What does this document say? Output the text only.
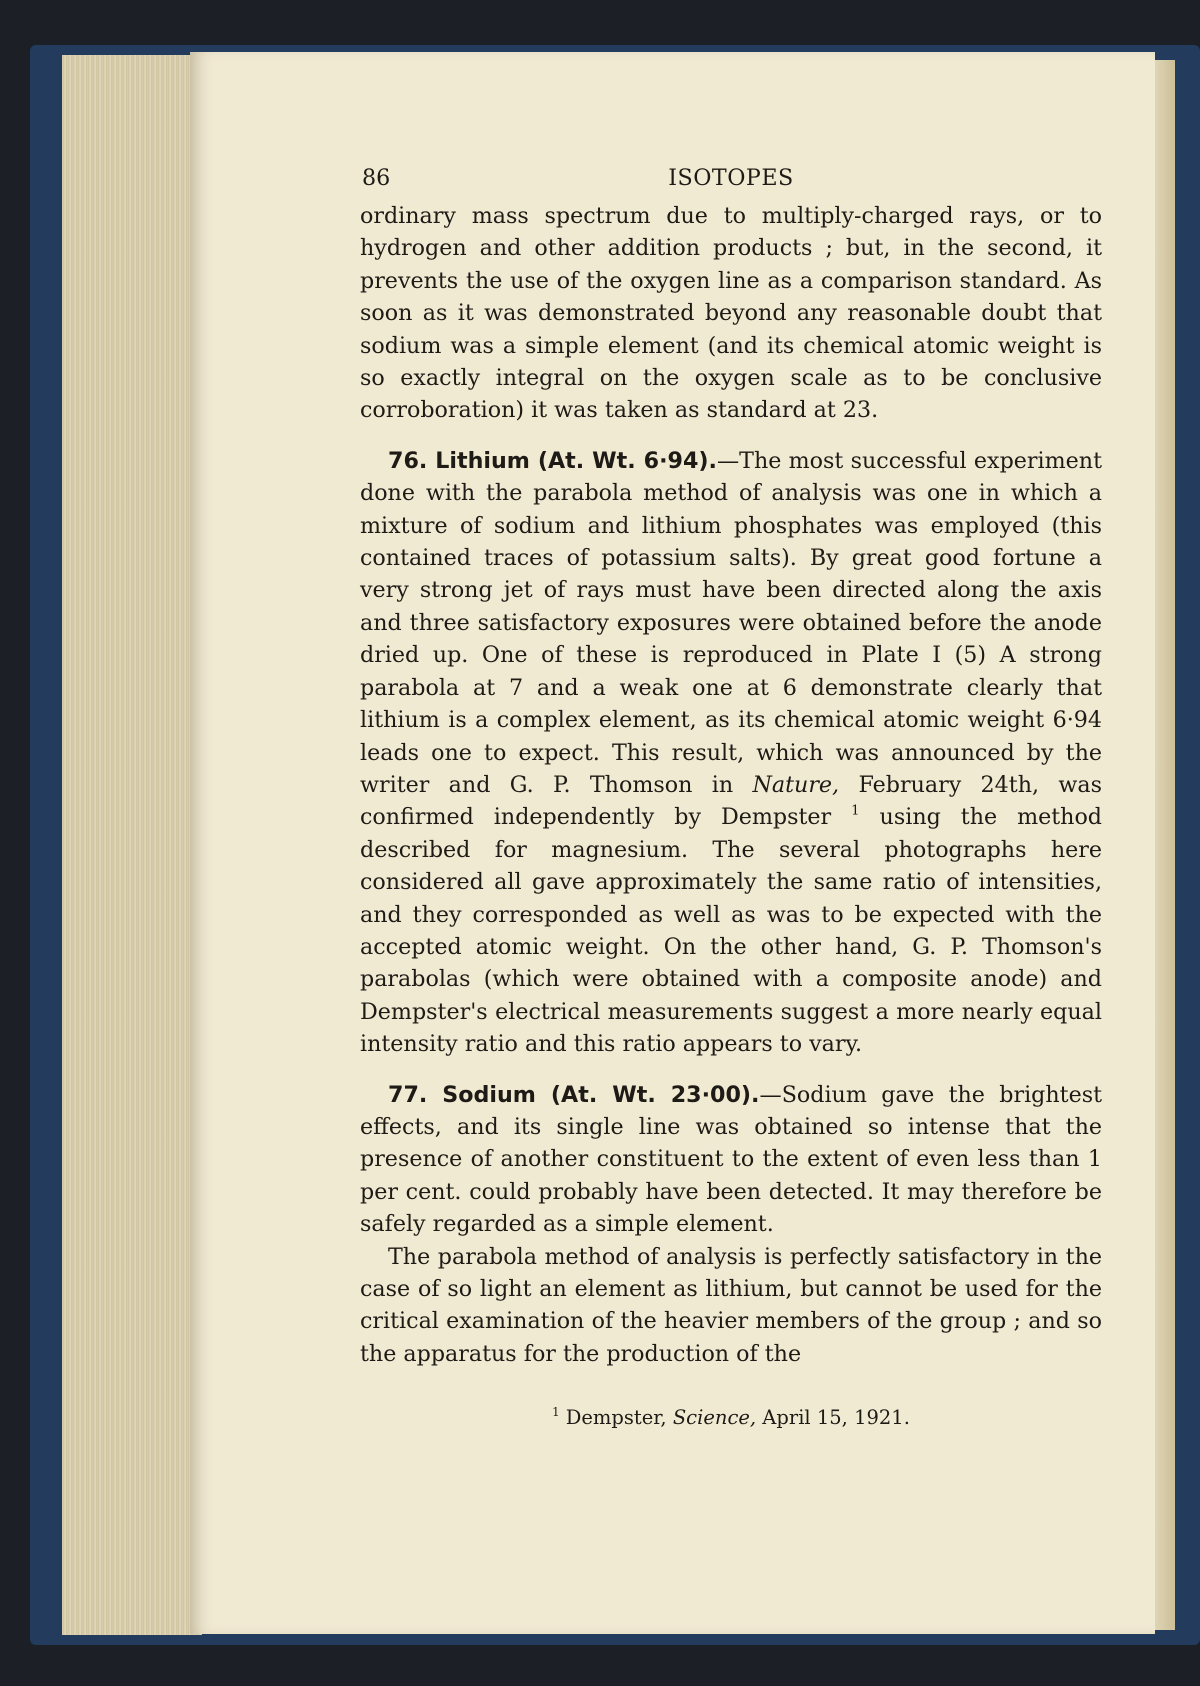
86	ISOTOPES

ordinary mass spectrum due to multiply-charged rays, or to hydrogen and other addition products ; but, in the second, it prevents the use of the oxygen line as a comparison standard. As soon as it was demonstrated beyond any reasonable doubt that sodium was a simple element (and its chemical atomic weight is so exactly integral on the oxygen scale as to be conclusive corroboration) it was taken as standard at 23.

76. Lithium (At. Wt. 6·94).—The most successful experiment done with the parabola method of analysis was one in which a mixture of sodium and lithium phosphates was employed (this contained traces of potassium salts). By great good fortune a very strong jet of rays must have been directed along the axis and three satisfactory exposures were obtained before the anode dried up. One of these is reproduced in Plate I (5) A strong parabola at 7 and a weak one at 6 demonstrate clearly that lithium is a complex element, as its chemical atomic weight 6·94 leads one to expect. This result, which was announced by the writer and G. P. Thomson in Nature, February 24th, was confirmed independently by Dempster $^1$ using the method described for magnesium. The several photographs here considered all gave approximately the same ratio of intensities, and they corresponded as well as was to be expected with the accepted atomic weight. On the other hand, G. P. Thomson's parabolas (which were obtained with a composite anode) and Dempster's electrical measurements suggest a more nearly equal intensity ratio and this ratio appears to vary.

77. Sodium (At. Wt. 23·00).—Sodium gave the brightest effects, and its single line was obtained so intense that the presence of another constituent to the extent of even less than 1 per cent. could probably have been detected. It may therefore be safely regarded as a simple element.

The parabola method of analysis is perfectly satisfactory in the case of so light an element as lithium, but cannot be used for the critical examination of the heavier members of the group ; and so the apparatus for the production of the

$^1$ Dempster, Science, April 15, 1921.
